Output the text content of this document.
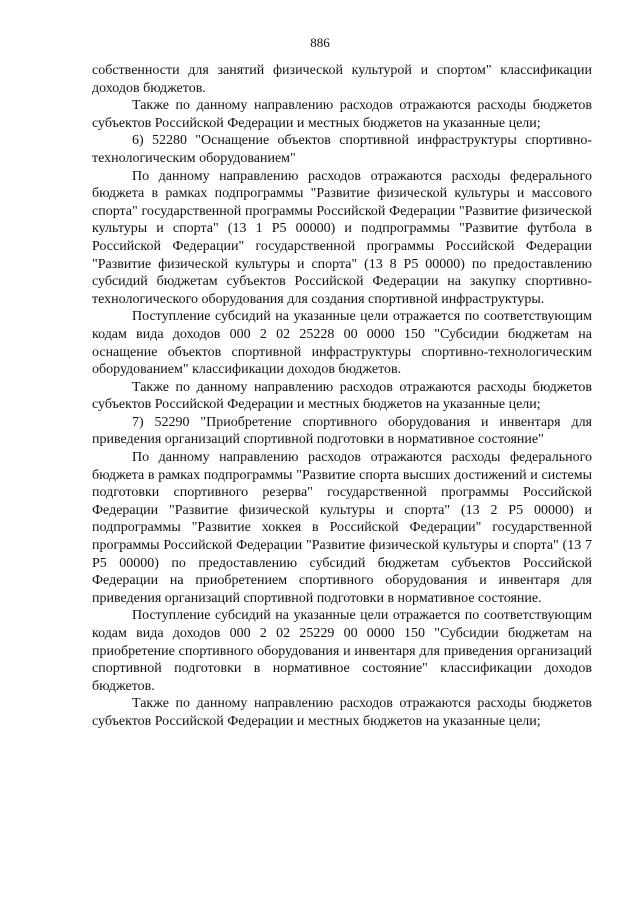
886

собственности для занятий физической культурой и спортом" классификации доходов бюджетов.

Также по данному направлению расходов отражаются расходы бюджетов субъектов Российской Федерации и местных бюджетов на указанные цели;

6) 52280 "Оснащение объектов спортивной инфраструктуры спортивно-технологическим оборудованием"

По данному направлению расходов отражаются расходы федерального бюджета в рамках подпрограммы "Развитие физической культуры и массового спорта" государственной программы Российской Федерации "Развитие физической культуры и спорта" (13 1 Р5 00000) и подпрограммы "Развитие футбола в Российской Федерации" государственной программы Российской Федерации "Развитие физической культуры и спорта" (13 8 Р5 00000) по предоставлению субсидий бюджетам субъектов Российской Федерации на закупку спортивно-технологического оборудования для создания спортивной инфраструктуры.

Поступление субсидий на указанные цели отражается по соответствующим кодам вида доходов 000 2 02 25228 00 0000 150 "Субсидии бюджетам на оснащение объектов спортивной инфраструктуры спортивно-технологическим оборудованием" классификации доходов бюджетов.

Также по данному направлению расходов отражаются расходы бюджетов субъектов Российской Федерации и местных бюджетов на указанные цели;

7) 52290 "Приобретение спортивного оборудования и инвентаря для приведения организаций спортивной подготовки в нормативное состояние"

По данному направлению расходов отражаются расходы федерального бюджета в рамках подпрограммы "Развитие спорта высших достижений и системы подготовки спортивного резерва" государственной программы Российской Федерации "Развитие физической культуры и спорта" (13 2 Р5 00000) и подпрограммы "Развитие хоккея в Российской Федерации" государственной программы Российской Федерации "Развитие физической культуры и спорта" (13 7 Р5 00000) по предоставлению субсидий бюджетам субъектов Российской Федерации на приобретением спортивного оборудования и инвентаря для приведения организаций спортивной подготовки в нормативное состояние.

Поступление субсидий на указанные цели отражается по соответствующим кодам вида доходов 000 2 02 25229 00 0000 150 "Субсидии бюджетам на приобретение спортивного оборудования и инвентаря для приведения организаций спортивной подготовки в нормативное состояние" классификации доходов бюджетов.

Также по данному направлению расходов отражаются расходы бюджетов субъектов Российской Федерации и местных бюджетов на указанные цели;
